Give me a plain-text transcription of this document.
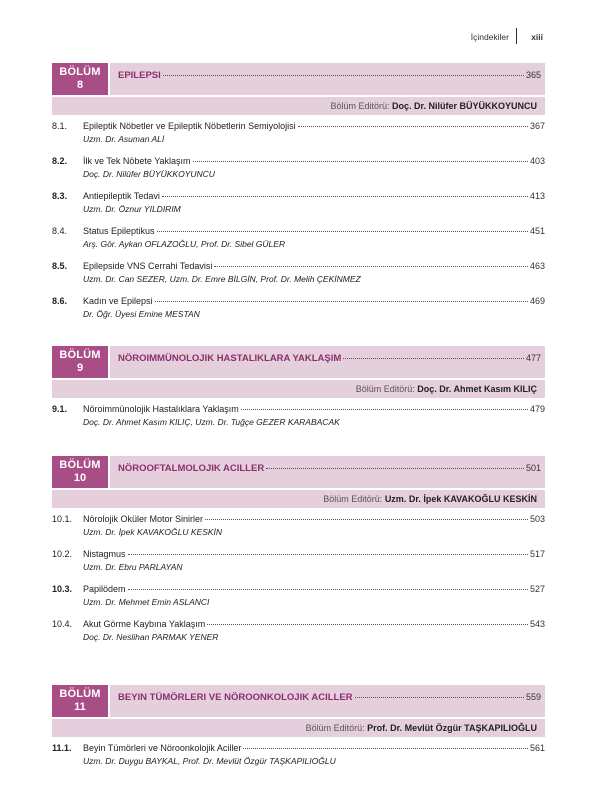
İçindekiler	xiii
BÖLÜM
8
EPILEPSI	365
Bölüm Editörü: Doç. Dr. Nilüfer BÜYÜKKOYUNCU
8.1.	Epileptik Nöbetler ve Epileptik Nöbetlerin Semiyolojisi	367
Uzm. Dr. Asuman ALİ
8.2.	İlk ve Tek Nöbete Yaklaşım	403
Doç. Dr. Nilüfer BÜYÜKKOYUNCU
8.3.	Antiepileptik Tedavi	413
Uzm. Dr. Öznur YILDIRIM
8.4.	Status Epileptikus	451
Arş. Gör. Aykan OFLAZOĞLU, Prof. Dr. Sibel GÜLER
8.5.	Epilepside VNS Cerrahi Tedavisi	463
Uzm. Dr. Can SEZER, Uzm. Dr. Emre BİLGİN, Prof. Dr. Melih ÇEKİNMEZ
8.6.	Kadın ve Epilepsi	469
Dr. Öğr. Üyesi Emine MESTAN
BÖLÜM
9
NÖROIMMÜNOLOJIK HASTALIKLARA YAKLAŞIM	477
Bölüm Editörü: Doç. Dr. Ahmet Kasım KILIÇ
9.1.	Nöroimmünolojik Hastalıklara Yaklaşım	479
Doç. Dr. Ahmet Kasım KILIÇ, Uzm. Dr. Tuğçe GEZER KARABACAK
BÖLÜM
10
NÖROOFTALMOLOJIK ACILLER	501
Bölüm Editörü: Uzm. Dr. İpek KAVAKOĞLU KESKİN
10.1.	Nörolojik Oküler Motor Sinirler	503
Uzm. Dr. İpek KAVAKOĞLU KESKİN
10.2.	Nistagmus	517
Uzm. Dr. Ebru PARLAYAN
10.3.	Papilödem	527
Uzm. Dr. Mehmet Emin ASLANCI
10.4.	Akut Görme Kaybına Yaklaşım	543
Doç. Dr. Neslihan PARMAK YENER
BÖLÜM
11
BEYIN TÜMÖRLERI VE NÖROONKOLOJIK ACILLER	559
Bölüm Editörü: Prof. Dr. Mevlüt Özgür TAŞKAPILIOĞLU
11.1.	Beyin Tümörleri ve Nöroonkolojik Aciller	561
Uzm. Dr. Duygu BAYKAL, Prof. Dr. Mevlüt Özgür TAŞKAPILIOĞLU
